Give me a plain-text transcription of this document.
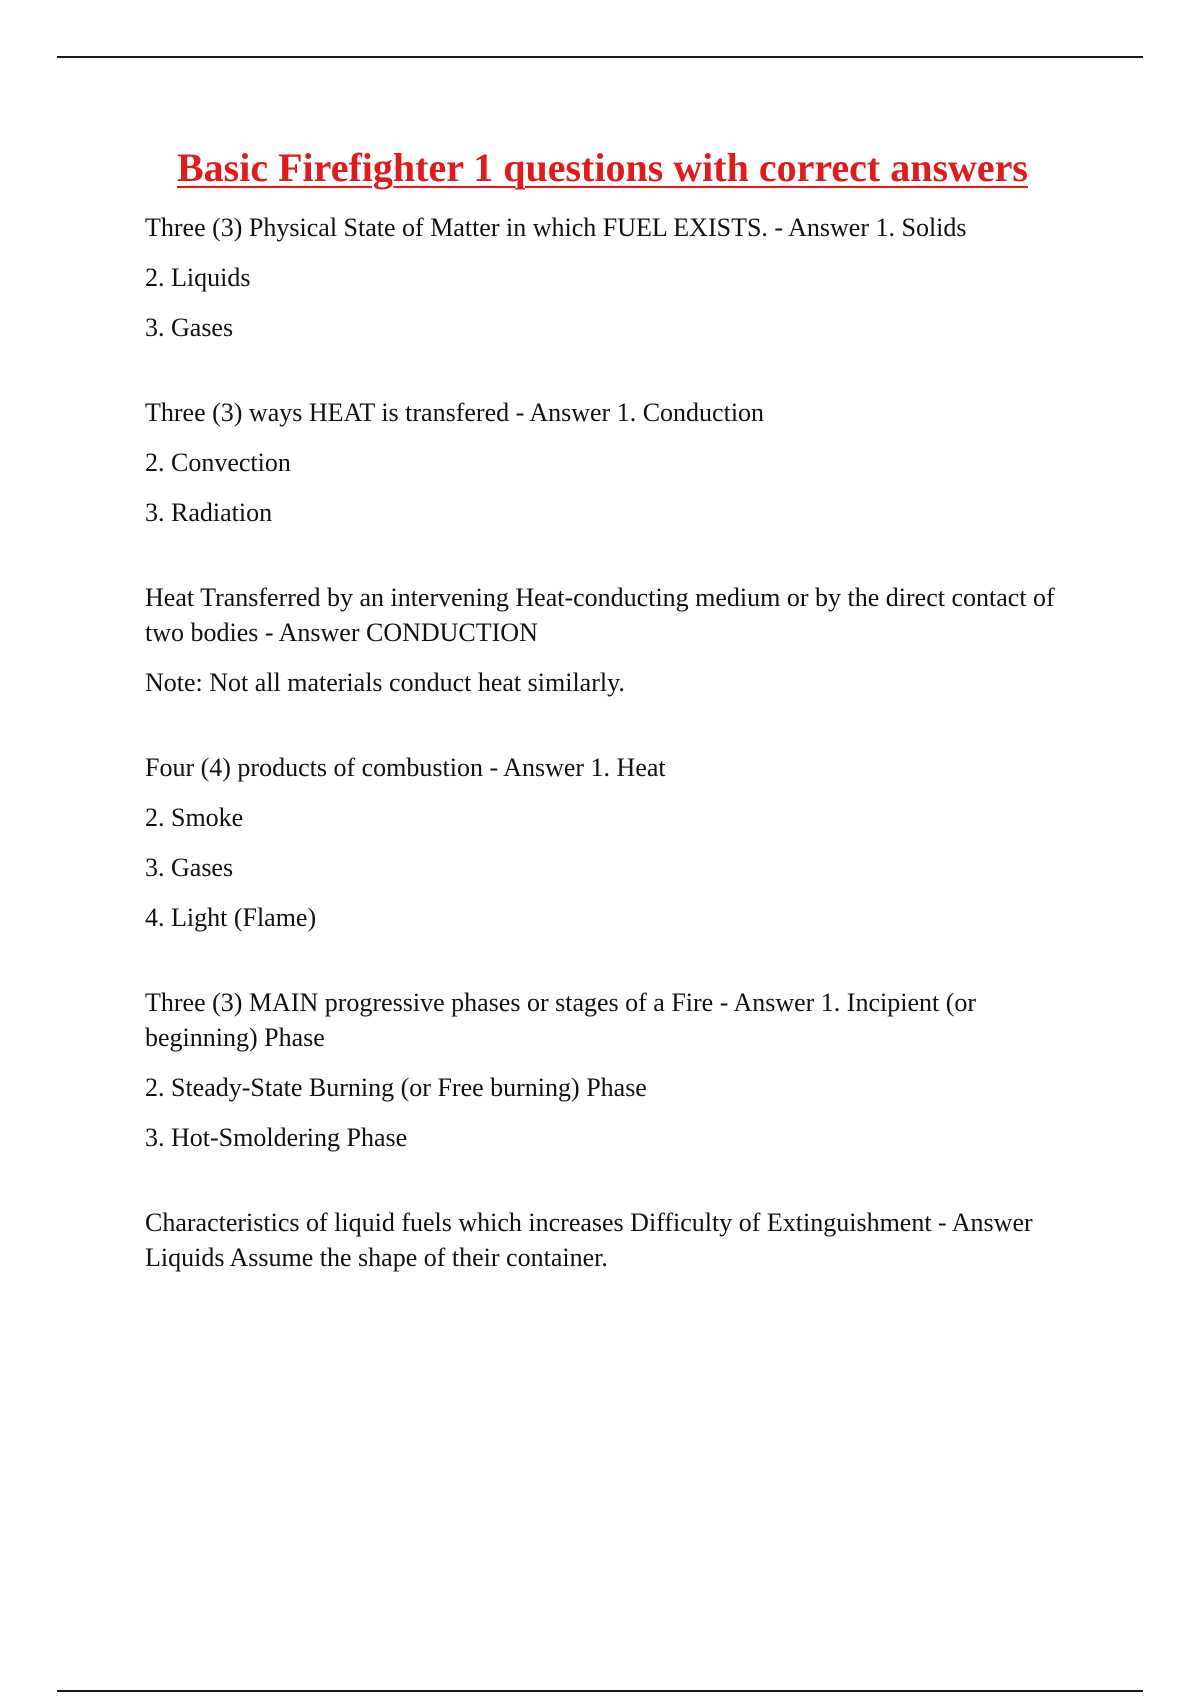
Basic Firefighter 1 questions with correct answers

Three (3) Physical State of Matter in which FUEL EXISTS. - Answer 1. Solids

2. Liquids

3. Gases

Three (3) ways HEAT is transfered - Answer 1. Conduction

2. Convection

3. Radiation

Heat Transferred by an intervening Heat-conducting medium or by the direct contact of two bodies - Answer CONDUCTION

Note: Not all materials conduct heat similarly.

Four (4) products of combustion - Answer 1. Heat

2. Smoke

3. Gases

4. Light (Flame)

Three (3) MAIN progressive phases or stages of a Fire - Answer 1. Incipient (or beginning) Phase

2. Steady-State Burning (or Free burning) Phase

3. Hot-Smoldering Phase

Characteristics of liquid fuels which increases Difficulty of Extinguishment - Answer Liquids Assume the shape of their container.
